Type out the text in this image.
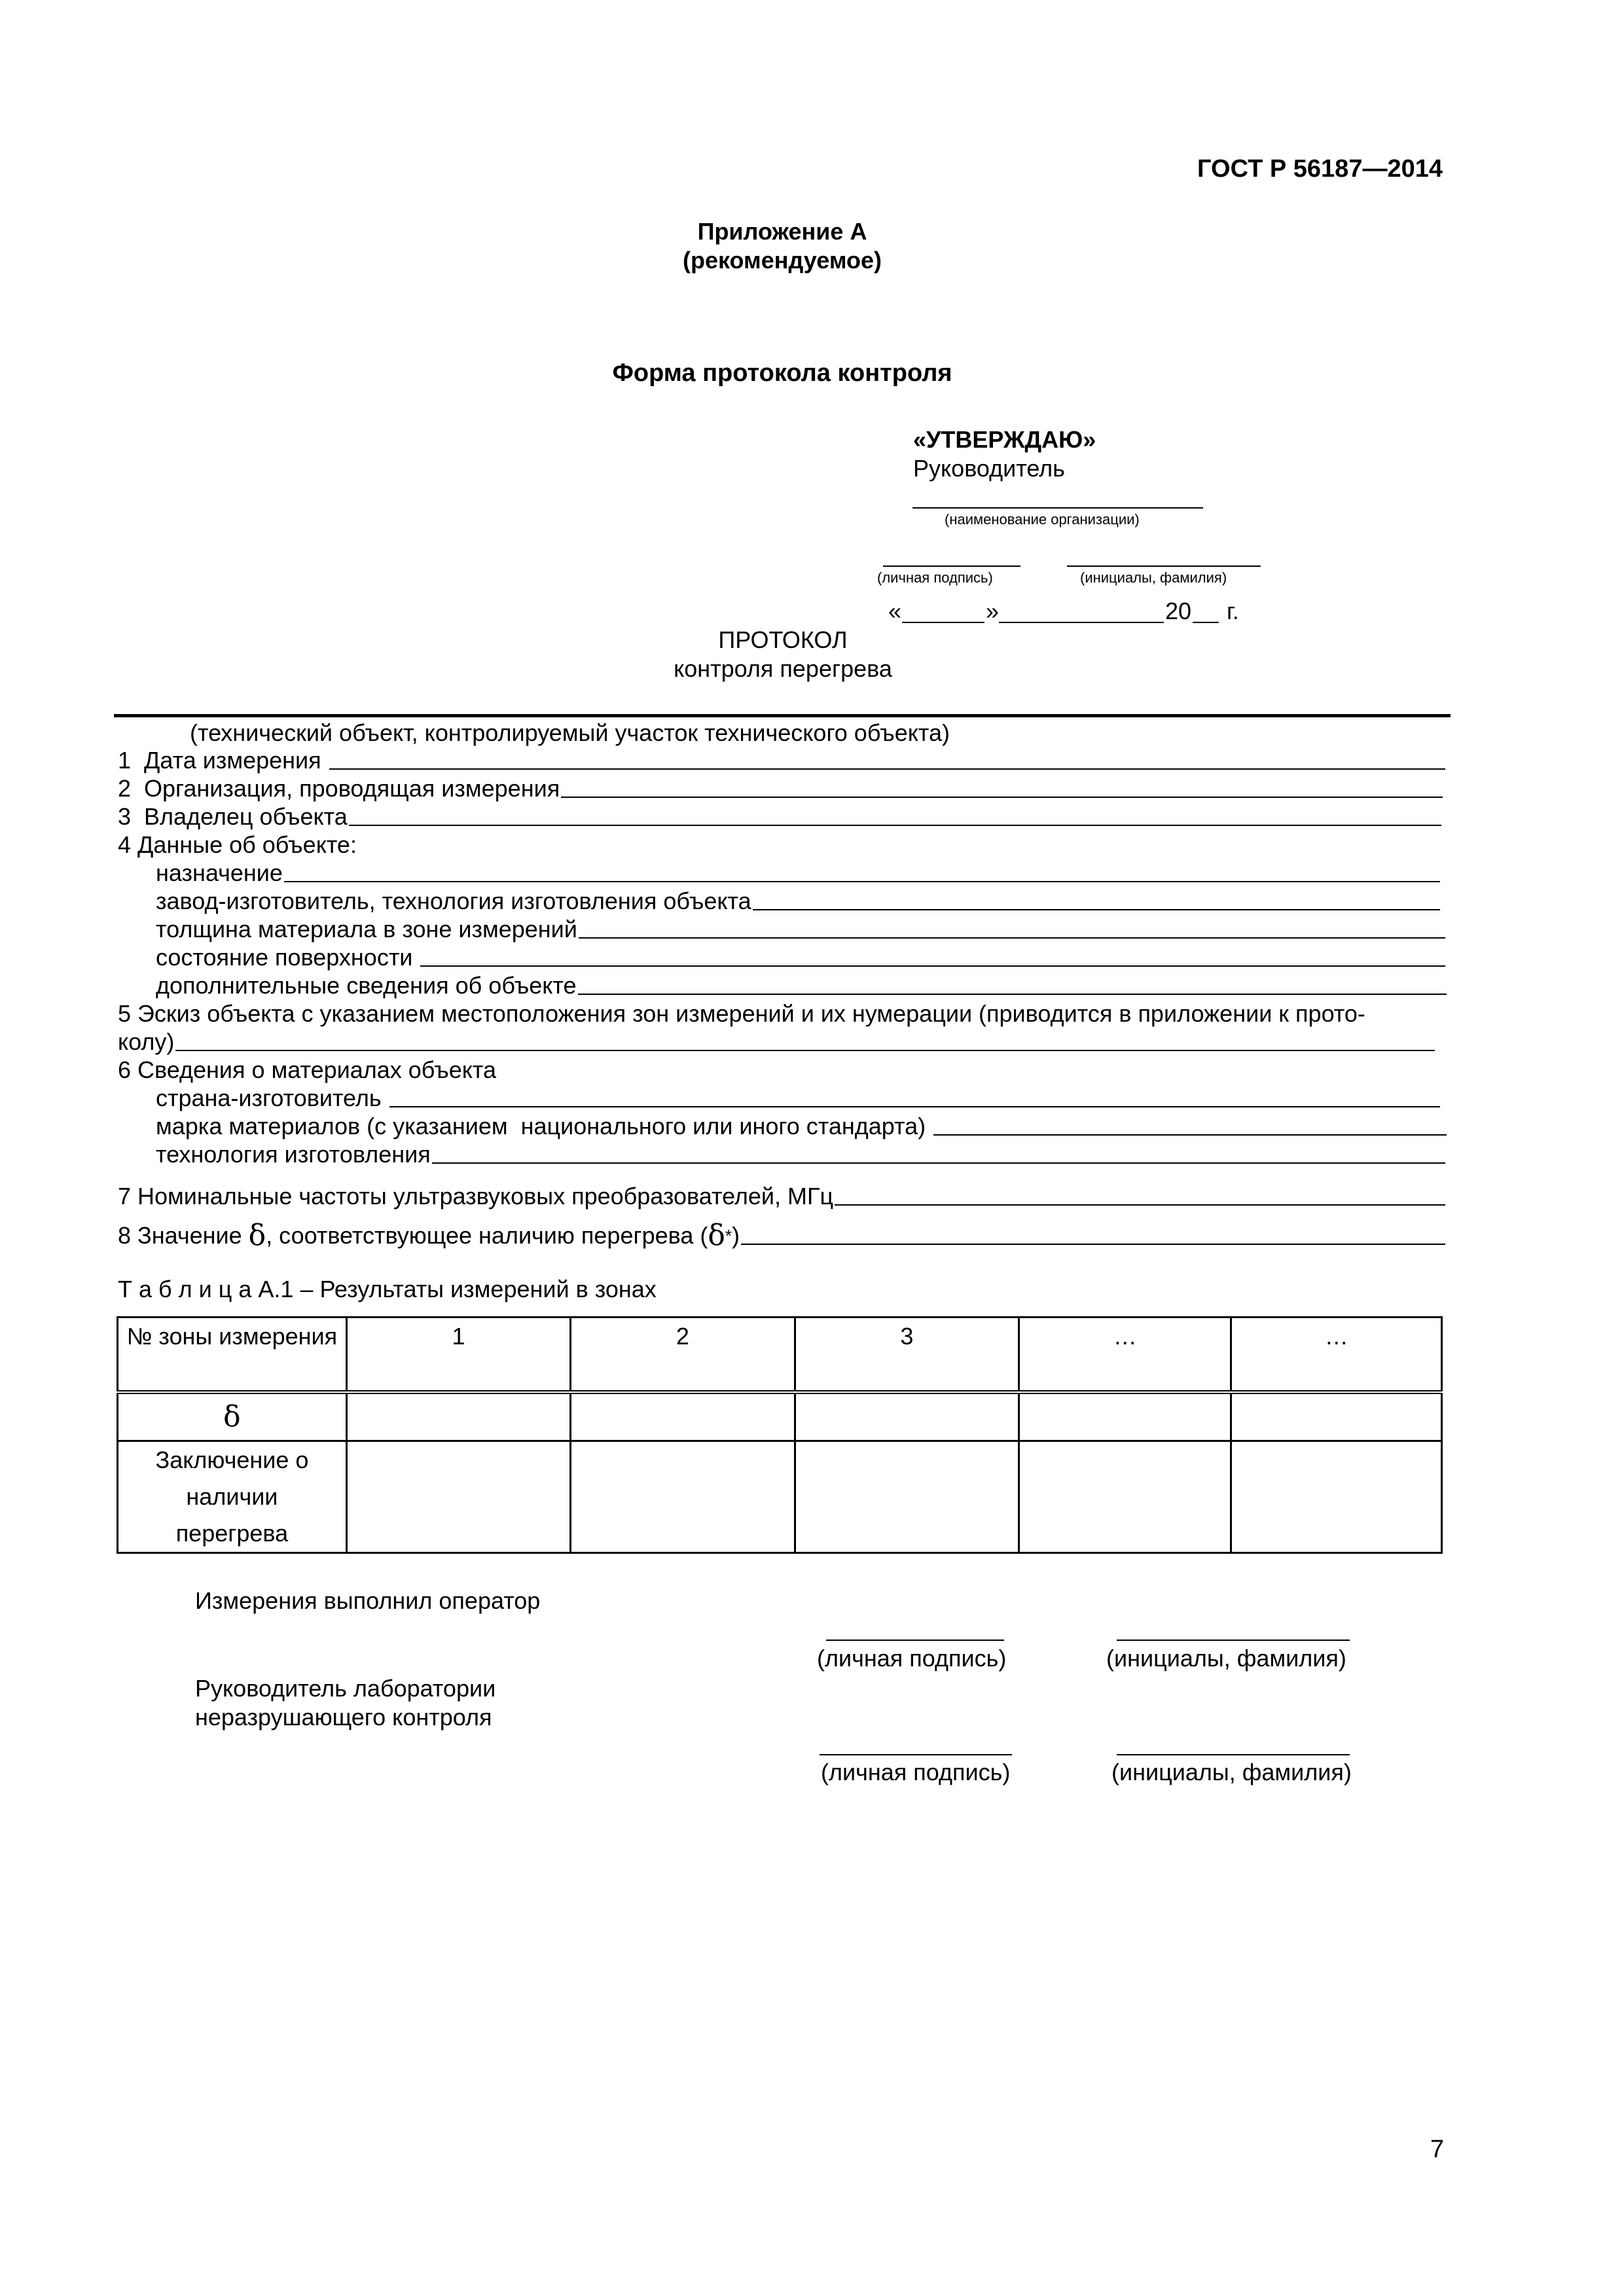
ГОСТ Р 56187—2014
Приложение А
(рекомендуемое)
Форма протокола контроля
«УТВЕРЖДАЮ»
Руководитель
(наименование организации)
(личная подпись)	(инициалы, фамилия)
«	»	20 г.
ПРОТОКОЛ
контроля перегрева
(технический объект, контролируемый участок технического объекта)
1  Дата измерения
2  Организация, проводящая измерения
3  Владелец объекта
4 Данные об объекте:
назначение
завод-изготовитель, технология изготовления объекта
толщина материала в зоне измерений
состояние поверхности
дополнительные сведения об объекте
5 Эскиз объекта с указанием местоположения зон измерений и их нумерации (приводится в приложении к прото-
колу)
6 Сведения о материалах объекта
страна-изготовитель
марка материалов (с указанием  национального или иного стандарта)
технология изготовления
7 Номинальные частоты ультразвуковых преобразователей, МГц
8 Значение δ , соответствующее наличию перегрева ( δ * )
Т а б л и ц а А.1 – Результаты измерений в зонах
№ зоны измерения	1	2	3	…	…
δ					
Заключение о наличии перегрева					
Измерения выполнил оператор
(личная подпись)	(инициалы, фамилия)
Руководитель лаборатории
неразрушающего контроля
(личная подпись)	(инициалы, фамилия)
7
